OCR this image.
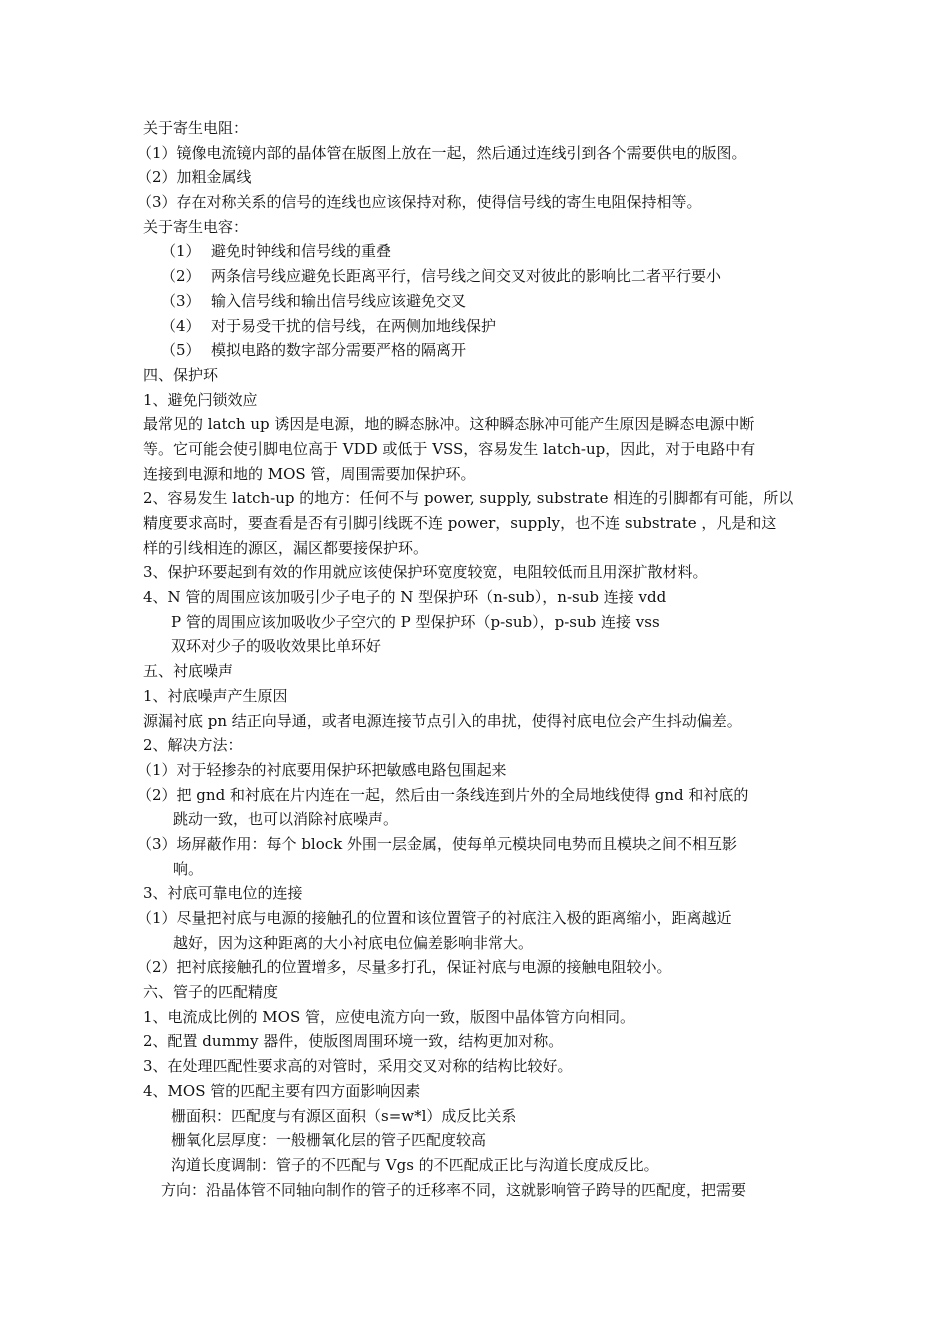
关于寄生电阻：
（1）镜像电流镜内部的晶体管在版图上放在一起，然后通过连线引到各个需要供电的版图。
（2）加粗金属线
（3）存在对称关系的信号的连线也应该保持对称，使得信号线的寄生电阻保持相等。
关于寄生电容：
（1） 避免时钟线和信号线的重叠
（2） 两条信号线应避免长距离平行，信号线之间交叉对彼此的影响比二者平行要小
（3） 输入信号线和输出信号线应该避免交叉
（4） 对于易受干扰的信号线，在两侧加地线保护
（5） 模拟电路的数字部分需要严格的隔离开
四、保护环
1、避免闩锁效应
最常见的 latch up 诱因是电源，地的瞬态脉冲。这种瞬态脉冲可能产生原因是瞬态电源中断
等。它可能会使引脚电位高于 VDD 或低于 VSS，容易发生 latch-up，因此，对于电路中有
连接到电源和地的 MOS 管，周围需要加保护环。
2、容易发生 latch-up 的地方：任何不与 power, supply, substrate 相连的引脚都有可能，所以
精度要求高时，要查看是否有引脚引线既不连 power，supply，也不连 substrate ，凡是和这
样的引线相连的源区，漏区都要接保护环。
3、保护环要起到有效的作用就应该使保护环宽度较宽，电阻较低而且用深扩散材料。
4、N 管的周围应该加吸引少子电子的 N 型保护环（n-sub），n-sub 连接 vdd
P 管的周围应该加吸收少子空穴的 P 型保护环（p-sub），p-sub 连接 vss
双环对少子的吸收效果比单环好
五、衬底噪声
1、衬底噪声产生原因
源漏衬底 pn 结正向导通，或者电源连接节点引入的串扰，使得衬底电位会产生抖动偏差。
2、解决方法：
（1）对于轻掺杂的衬底要用保护环把敏感电路包围起来
（2）把 gnd 和衬底在片内连在一起，然后由一条线连到片外的全局地线使得 gnd 和衬底的
跳动一致，也可以消除衬底噪声。
（3）场屏蔽作用：每个 block 外围一层金属，使每单元模块同电势而且模块之间不相互影
响。
3、衬底可靠电位的连接
（1）尽量把衬底与电源的接触孔的位置和该位置管子的衬底注入极的距离缩小，距离越近
越好，因为这种距离的大小衬底电位偏差影响非常大。
（2）把衬底接触孔的位置增多，尽量多打孔，保证衬底与电源的接触电阻较小。
六、管子的匹配精度
1、电流成比例的 MOS 管，应使电流方向一致，版图中晶体管方向相同。
2、配置 dummy 器件，使版图周围环境一致，结构更加对称。
3、在处理匹配性要求高的对管时，采用交叉对称的结构比较好。
4、MOS 管的匹配主要有四方面影响因素
栅面积：匹配度与有源区面积（s=w*l）成反比关系
栅氧化层厚度：一般栅氧化层的管子匹配度较高
沟道长度调制：管子的不匹配与 Vgs 的不匹配成正比与沟道长度成反比。
方向：沿晶体管不同轴向制作的管子的迁移率不同，这就影响管子跨导的匹配度，把需要
